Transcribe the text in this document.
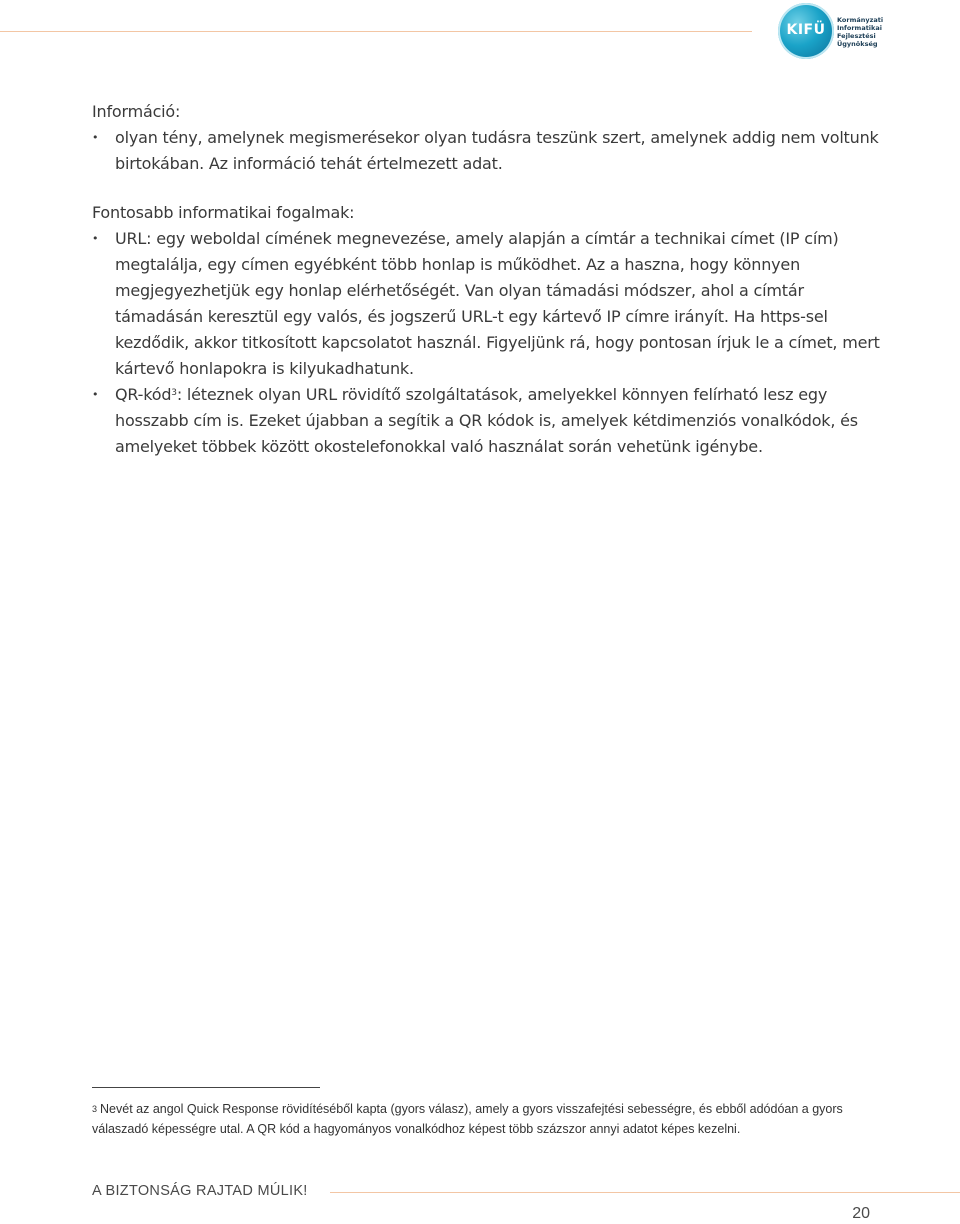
KIFÜ
Kormányzati
Informatikai
Fejlesztési
Ügynökség

Információ:

• olyan tény, amelynek megismerésekor olyan tudásra teszünk szert, amelynek addig nem voltunk birtokában. Az információ tehát értelmezett adat.

Fontosabb informatikai fogalmak:

• URL: egy weboldal címének megnevezése, amely alapján a címtár a technikai címet (IP cím) megtalálja, egy címen egyébként több honlap is működhet. Az a haszna, hogy könnyen megjegyezhetjük egy honlap elérhetőségét. Van olyan támadási módszer, ahol a címtár támadásán keresztül egy valós, és jogszerű URL-t egy kártevő IP címre irányít. Ha https-sel kezdődik, akkor titkosított kapcsolatot használ. Figyeljünk rá, hogy pontosan írjuk le a címet, mert kártevő honlapokra is kilyukadhatunk.
• QR-kód$^3$: léteznek olyan URL rövidítő szolgáltatások, amelyekkel könnyen felírható lesz egy hosszabb cím is. Ezeket újabban a segítik a QR kódok is, amelyek kétdimenziós vonalkódok, és amelyeket többek között okostelefonokkal való használat során vehetünk igénybe.
$^3$ Nevét az angol Quick Response rövidítéséből kapta (gyors válasz), amely a gyors visszafejtési sebességre, és ebből adódóan a gyors válaszadó képességre utal. A QR kód a hagyományos vonalkódhoz képest több százszor annyi adatot képes kezelni.
A BIZTONSÁG RAJTAD MÚLIK!
20
